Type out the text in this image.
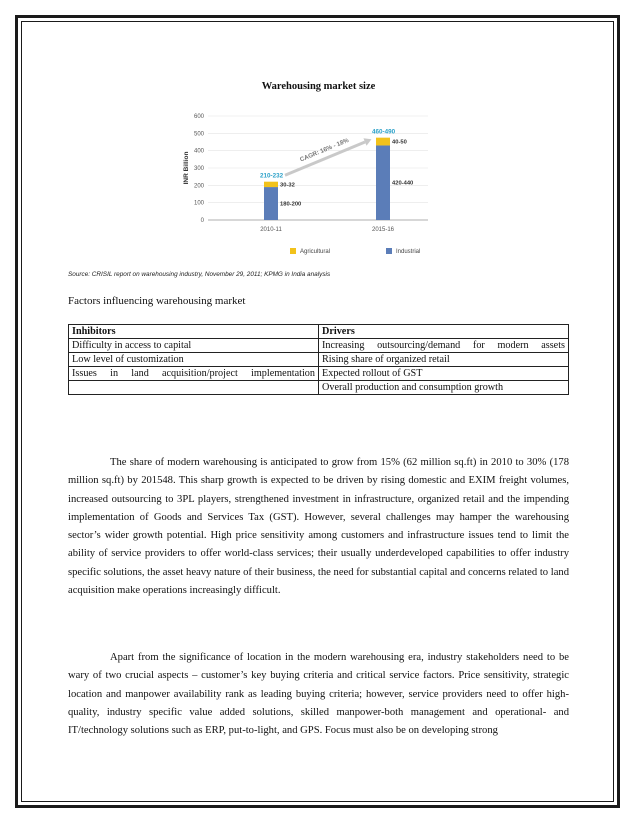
Warehousing market size
INR Billion
0
100
200
300
400
500
600
180-200
30-32
210-232
2010-11
420-440
40-50
460-490
2015-16
CAGR: 16% - 18%
Agricultural	Industrial
Source: CRISIL report on warehousing industry, November 29, 2011; KPMG in India analysis
Factors influencing warehousing market
Inhibitors	Drivers
Difficulty in access to capital	Increasing outsourcing/demand for modern assets
Low level of customization	Rising share of organized retail
Issues in land acquisition/project implementation	Expected rollout of GST
	Overall production and consumption growth

The share of modern warehousing is anticipated to grow from 15% (62 million sq.ft) in 2010 to 30% (178 million sq.ft) by 201548. This sharp growth is expected to be driven by rising domestic and EXIM freight volumes, increased outsourcing to 3PL players, strengthened investment in infrastructure, organized retail and the impending implementation of Goods and Services Tax (GST). However, several challenges may hamper the warehousing sector’s wider growth potential. High price sensitivity among customers and infrastructure issues tend to limit the ability of service providers to offer world-class services; their usually underdeveloped capabilities to offer industry specific solutions, the asset heavy nature of their business, the need for substantial capital and concerns related to land acquisition make operations increasingly difficult.

Apart from the significance of location in the modern warehousing era, industry stakeholders need to be wary of two crucial aspects – customer’s key buying criteria and critical service factors. Price sensitivity, strategic location and manpower availability rank as leading buying criteria; however, service providers need to offer high-quality, industry specific value added solutions, skilled manpower-both management and operational- and IT/technology solutions such as ERP, put-to-light, and GPS. Focus must also be on developing strong
